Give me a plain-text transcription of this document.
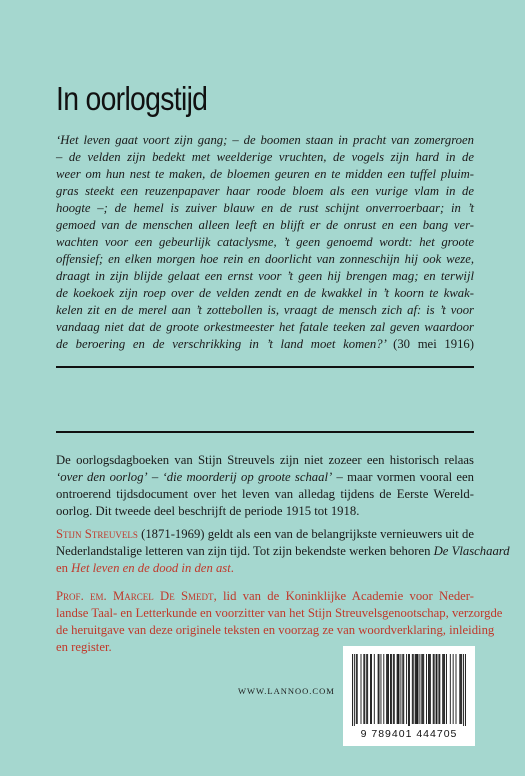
In oorlogstijd
‘Het leven gaat voort zijn gang; – de boomen staan in pracht van zomergroen
– de velden zijn bedekt met weelderige vruchten, de vogels zijn hard in de
weer om hun nest te maken, de bloemen geuren en te midden een tuffel pluim-
gras steekt een reuzenpapaver haar roode bloem als een vurige vlam in de
hoogte –; de hemel is zuiver blauw en de rust schijnt onverroerbaar; in ’t
gemoed van de menschen alleen leeft en blijft er de onrust en een bang ver-
wachten voor een gebeurlijk cataclysme, ’t geen genoemd wordt: het groote
offensief; en elken morgen hoe rein en doorlicht van zonneschijn hij ook weze,
draagt in zijn blijde gelaat een ernst voor ’t geen hij brengen mag; en terwijl
de koekoek zijn roep over de velden zendt en de kwakkel in ’t koorn te kwak-
kelen zit en de merel aan ’t zottebollen is, vraagt de mensch zich af: is ’t voor
vandaag niet dat de groote orkestmeester het fatale teeken zal geven waardoor
de beroering en de verschrikking in ’t land moet komen?’ (30 mei 1916)
De oorlogsdagboeken van Stijn Streuvels zijn niet zozeer een historisch relaas
‘over den oorlog’ – ‘die moorderij op groote schaal’ – maar vormen vooral een
ontroerend tijdsdocument over het leven van alledag tijdens de Eerste Wereld-
oorlog. Dit tweede deel beschrijft de periode 1915 tot 1918.
Stijn Streuvels (1871-1969) geldt als een van de belangrijkste vernieuwers uit de
Nederlandstalige letteren van zijn tijd. Tot zijn bekendste werken behoren De Vlaschaard
en Het leven en de dood in den ast.
Prof. em. Marcel De Smedt, lid van de Koninklijke Academie voor Neder-
landse Taal- en Letterkunde en voorzitter van het Stijn Streuvelsgenootschap, verzorgde
de heruitgave van deze originele teksten en voorzag ze van woordverklaring, inleiding
en register.
WWW.LANNOO.COM
9 789401 444705
